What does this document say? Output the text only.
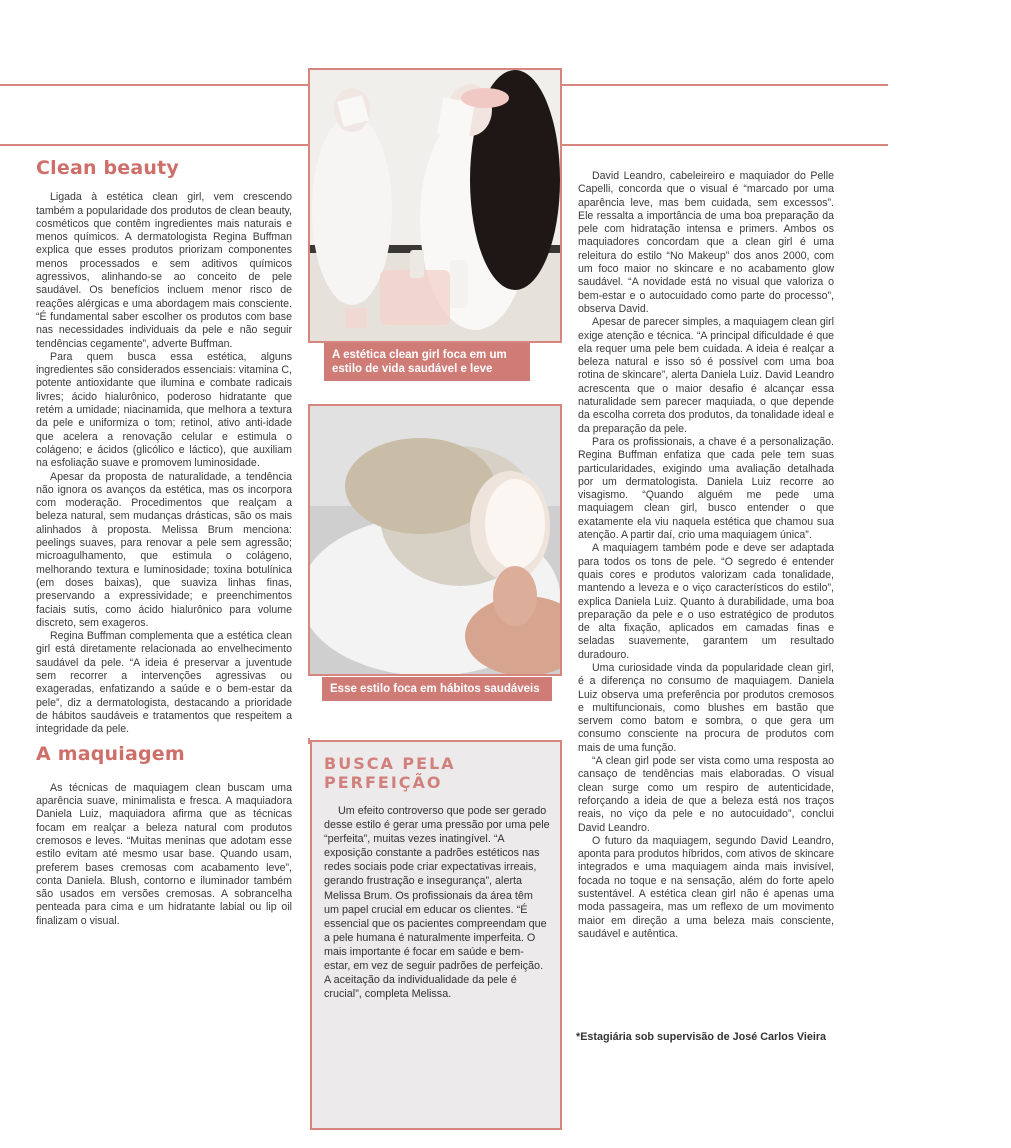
Clean beauty

Ligada à estética clean girl, vem crescendo também a popularidade dos produtos de clean beauty, cosméticos que contêm ingredientes mais naturais e menos químicos. A dermatologista Regina Buffman explica que esses produtos priorizam componentes menos processados e sem aditivos químicos agressivos, alinhando-se ao conceito de pele saudável. Os benefícios incluem menor risco de reações alérgicas e uma abordagem mais consciente. “É fundamental saber escolher os produtos com base nas necessidades individuais da pele e não seguir tendências cegamente”, adverte Buffman.

Para quem busca essa estética, alguns ingredientes são considerados essenciais: vitamina C, potente antioxidante que ilumina e combate radicais livres; ácido hialurônico, poderoso hidratante que retém a umidade; niacinamida, que melhora a textura da pele e uniformiza o tom; retinol, ativo anti-idade que acelera a renovação celular e estimula o colágeno; e ácidos (glicólico e láctico), que auxiliam na esfoliação suave e promovem luminosidade.

Apesar da proposta de naturalidade, a tendência não ignora os avanços da estética, mas os incorpora com moderação. Procedimentos que realçam a beleza natural, sem mudanças drásticas, são os mais alinhados à proposta. Melissa Brum menciona: peelings suaves, para renovar a pele sem agressão; microagulhamento, que estimula o colágeno, melhorando textura e luminosidade; toxina botulínica (em doses baixas), que suaviza linhas finas, preservando a expressividade; e preenchimentos faciais sutis, como ácido hialurônico para volume discreto, sem exageros.

Regina Buffman complementa que a estética clean girl está diretamente relacionada ao envelhecimento saudável da pele. “A ideia é preservar a juventude sem recorrer a intervenções agressivas ou exageradas, enfatizando a saúde e o bem-estar da pele”, diz a dermatologista, destacando a prioridade de hábitos saudáveis e tratamentos que respeitem a integridade da pele.

A maquiagem

As técnicas de maquiagem clean buscam uma aparência suave, minimalista e fresca. A maquiadora Daniela Luiz, maquiadora afirma que as técnicas focam em realçar a beleza natural com produtos cremosos e leves. “Muitas meninas que adotam esse estilo evitam até mesmo usar base. Quando usam, preferem bases cremosas com acabamento leve”, conta Daniela. Blush, contorno e iluminador também são usados em versões cremosas. A sobrancelha penteada para cima e um hidratante labial ou lip oil finalizam o visual.

A estética clean girl foca em um estilo de vida saudável e leve
Esse estilo foca em hábitos saudáveis
BUSCA PELA
PERFEIÇÃO

Um efeito controverso que pode ser gerado desse estilo é gerar uma pressão por uma pele “perfeita”, muitas vezes inatingível. “A exposição constante a padrões estéticos nas redes sociais pode criar expectativas irreais, gerando frustração e insegurança”, alerta Melissa Brum. Os profissionais da área têm um papel crucial em educar os clientes. “É essencial que os pacientes compreendam que a pele humana é naturalmente imperfeita. O mais importante é focar em saúde e bem-estar, em vez de seguir padrões de perfeição. A aceitação da individualidade da pele é crucial”, completa Melissa.

David Leandro, cabeleireiro e maquiador do Pelle Capelli, concorda que o visual é “marcado por uma aparência leve, mas bem cuidada, sem excessos”. Ele ressalta a importância de uma boa preparação da pele com hidratação intensa e primers. Ambos os maquiadores concordam que a clean girl é uma releitura do estilo “No Makeup” dos anos 2000, com um foco maior no skincare e no acabamento glow saudável. “A novidade está no visual que valoriza o bem-estar e o autocuidado como parte do processo”, observa David.

Apesar de parecer simples, a maquiagem clean girl exige atenção e técnica. “A principal dificuldade é que ela requer uma pele bem cuidada. A ideia é realçar a beleza natural e isso só é possível com uma boa rotina de skincare”, alerta Daniela Luiz. David Leandro acrescenta que o maior desafio é alcançar essa naturalidade sem parecer maquiada, o que depende da escolha correta dos produtos, da tonalidade ideal e da preparação da pele.

Para os profissionais, a chave é a personalização. Regina Buffman enfatiza que cada pele tem suas particularidades, exigindo uma avaliação detalhada por um dermatologista. Daniela Luiz recorre ao visagismo. “Quando alguém me pede uma maquiagem clean girl, busco entender o que exatamente ela viu naquela estética que chamou sua atenção. A partir daí, crio uma maquiagem única”.

A maquiagem também pode e deve ser adaptada para todos os tons de pele. “O segredo é entender quais cores e produtos valorizam cada tonalidade, mantendo a leveza e o viço característicos do estilo”, explica Daniela Luiz. Quanto à durabilidade, uma boa preparação da pele e o uso estratégico de produtos de alta fixação, aplicados em camadas finas e seladas suavemente, garantem um resultado duradouro.

Uma curiosidade vinda da popularidade clean girl, é a diferença no consumo de maquiagem. Daniela Luiz observa uma preferência por produtos cremosos e multifuncionais, como blushes em bastão que servem como batom e sombra, o que gera um consumo consciente na procura de produtos com mais de uma função.

“A clean girl pode ser vista como uma resposta ao cansaço de tendências mais elaboradas. O visual clean surge como um respiro de autenticidade, reforçando a ideia de que a beleza está nos traços reais, no viço da pele e no autocuidado”, conclui David Leandro.

O futuro da maquiagem, segundo David Leandro, aponta para produtos híbridos, com ativos de skincare integrados e uma maquiagem ainda mais invisível, focada no toque e na sensação, além do forte apelo sustentável. A estética clean girl não é apenas uma moda passageira, mas um reflexo de um movimento maior em direção a uma beleza mais consciente, saudável e autêntica.

*Estagiária sob supervisão de José Carlos Vieira
